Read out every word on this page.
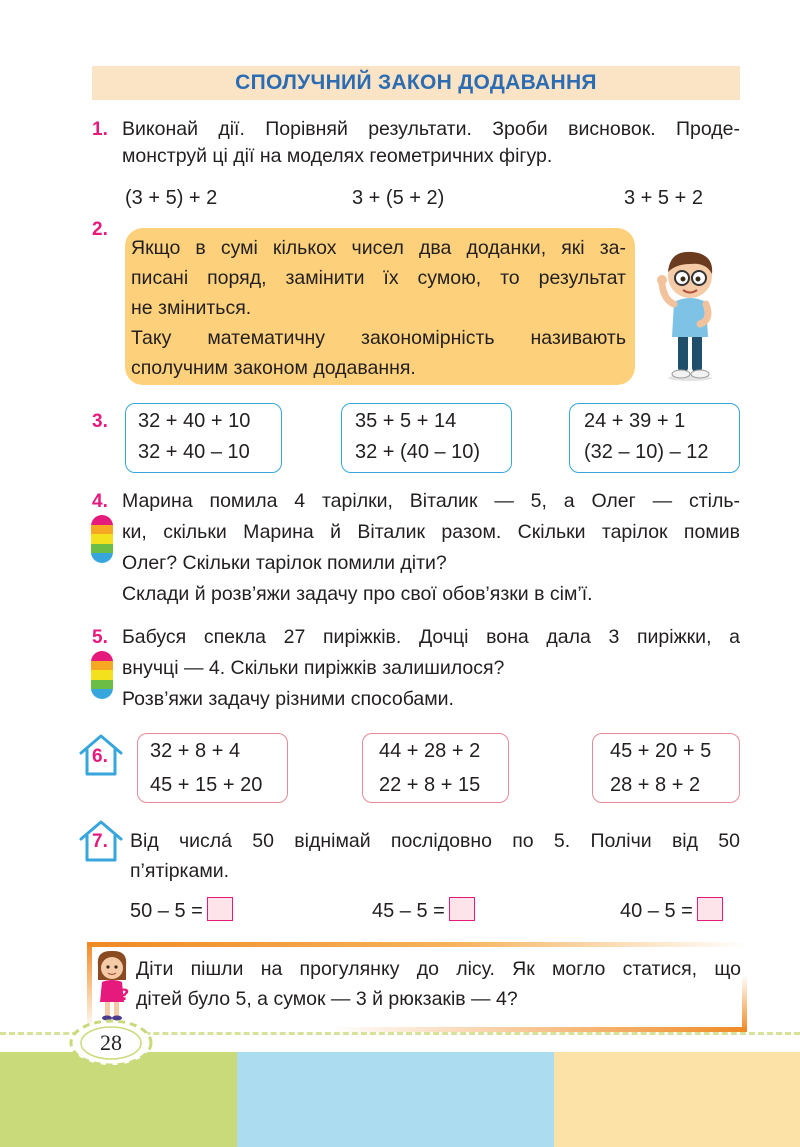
СПОЛУЧНИЙ ЗАКОН ДОДАВАННЯ
1. Виконай дії. Порівняй результати. Зроби висновок. Проде-
монструй ці дії на моделях геометричних фігур.
(3 + 5) + 2	3 + (5 + 2)	3 + 5 + 2
2.
Якщо в сумі кількох чисел два доданки, які за-
писані поряд, замінити їх сумою, то результат
не зміниться.
Таку математичну закономірність називають
сполучним законом додавання.
3. 32 + 40 + 10
32 + 40 – 10
35 + 5 + 14
32 + (40 – 10)
24 + 39 + 1
(32 – 10) – 12
4. Марина помила 4 тарілки, Віталик — 5, а Олег — стіль-
ки, скільки Марина й Віталик разом. Скільки тарілок помив
Олег? Скільки тарілок помили діти?
Склади й розв’яжи задачу про свої обов’язки в сім’ї.
5. Бабуся спекла 27 пиріжків. Дочці вона дала 3 пиріжки, а
внучці — 4. Скільки пиріжків залишилося?
Розв’яжи задачу різними способами.
6. 32 + 8 + 4
45 + 15 + 20
44 + 28 + 2
22 + 8 + 15
45 + 20 + 5
28 + 8 + 2
7. Від числá 50 віднімай послідовно по 5. Полічи від 50
п’ятірками.
50 – 5 =	45 – 5 =	40 – 5 =
?
Діти пішли на прогулянку до лісу. Як могло статися, що
дітей було 5, а сумок — 3 й рюкзаків — 4?
28
